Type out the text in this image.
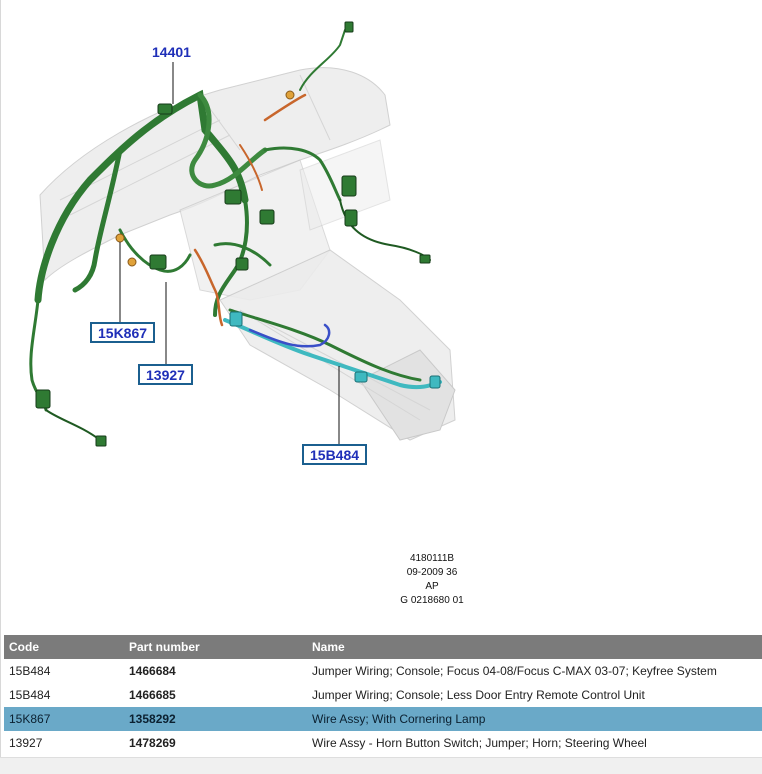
14401
15K867
13927
15B484
4180111B
09-2009 36
AP
G 0218680 01
Code	Part number	Name
15B484	1466684	Jumper Wiring; Console; Focus 04-08/Focus C-MAX 03-07; Keyfree System
15B484	1466685	Jumper Wiring; Console; Less Door Entry Remote Control Unit
15K867	1358292	Wire Assy; With Cornering Lamp
13927	1478269	Wire Assy - Horn Button Switch; Jumper; Horn; Steering Wheel
